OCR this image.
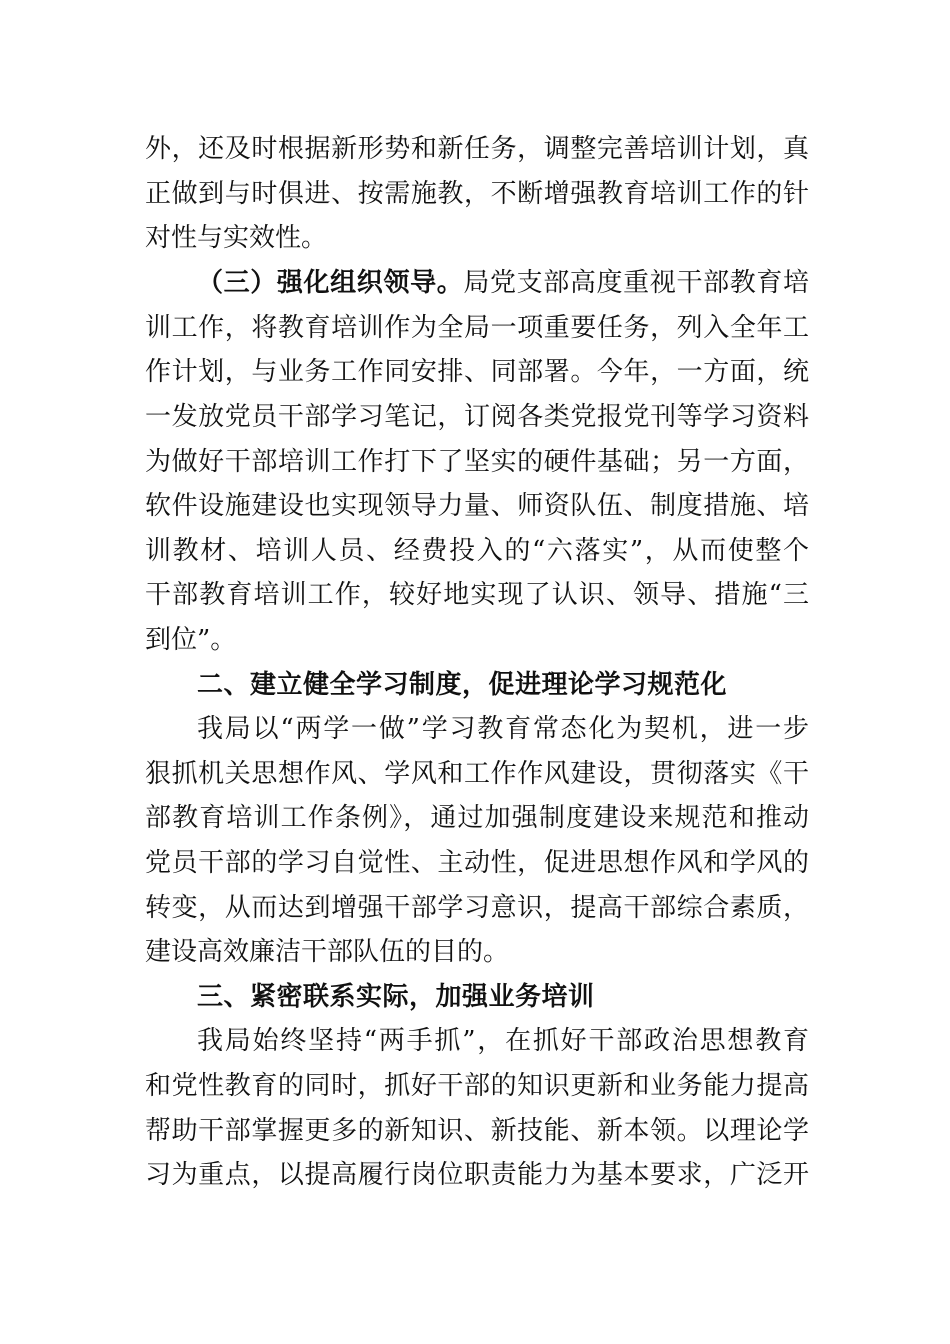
外，还及时根据新形势和新任务，调整完善培训计划，真
正做到与时俱进、按需施教，不断增强教育培训工作的针
对性与实效性。
（三）强化组织领导。局党支部高度重视干部教育培
训工作，将教育培训作为全局一项重要任务，列入全年工
作计划，与业务工作同安排、同部署。今年，一方面，统
一发放党员干部学习笔记，订阅各类党报党刊等学习资料
为做好干部培训工作打下了坚实的硬件基础；另一方面，
软件设施建设也实现领导力量、师资队伍、制度措施、培
训教材、培训人员、经费投入的“六落实”，从而使整个
干部教育培训工作，较好地实现了认识、领导、措施“三
到位”。
二、建立健全学习制度，促进理论学习规范化
我局以“两学一做”学习教育常态化为契机，进一步
狠抓机关思想作风、学风和工作作风建设，贯彻落实《干
部教育培训工作条例》，通过加强制度建设来规范和推动
党员干部的学习自觉性、主动性，促进思想作风和学风的
转变，从而达到增强干部学习意识，提高干部综合素质，
建设高效廉洁干部队伍的目的。
三、紧密联系实际，加强业务培训
我局始终坚持“两手抓”，在抓好干部政治思想教育
和党性教育的同时，抓好干部的知识更新和业务能力提高
帮助干部掌握更多的新知识、新技能、新本领。以理论学
习为重点，以提高履行岗位职责能力为基本要求，广泛开
